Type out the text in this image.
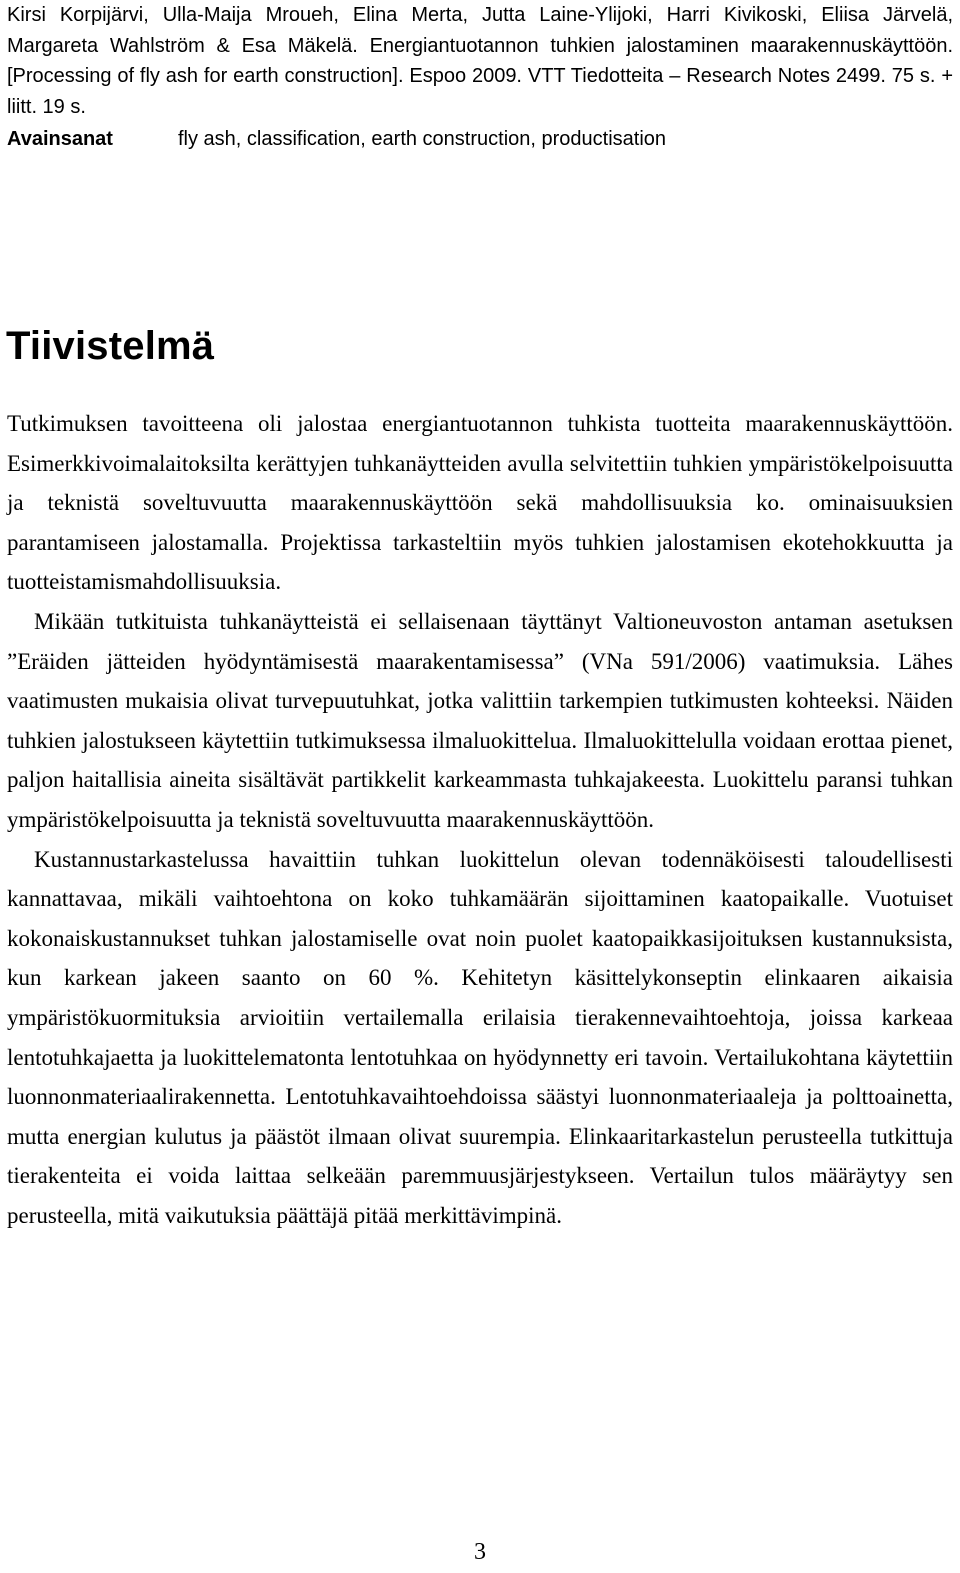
Kirsi Korpijärvi, Ulla-Maija Mroueh, Elina Merta, Jutta Laine-Ylijoki, Harri Kivikoski, Eliisa Järvelä, Margareta Wahlström & Esa Mäkelä. Energiantuotannon tuhkien jalostaminen maarakennuskäyttöön. [Processing of fly ash for earth construction]. Espoo 2009. VTT Tiedotteita – Research Notes 2499. 75 s. + liitt. 19 s.

Avainsanat	fly ash, classification, earth construction, productisation
Tiivistelmä

Tutkimuksen tavoitteena oli jalostaa energiantuotannon tuhkista tuotteita maarakennuskäyttöön. Esimerkkivoimalaitoksilta kerättyjen tuhkanäytteiden avulla selvitettiin tuhkien ympäristökelpoisuutta ja teknistä soveltuvuutta maarakennuskäyttöön sekä mahdollisuuksia ko. ominaisuuksien parantamiseen jalostamalla. Projektissa tarkasteltiin myös tuhkien jalostamisen ekotehokkuutta ja tuotteistamismahdollisuuksia.

Mikään tutkituista tuhkanäytteistä ei sellaisenaan täyttänyt Valtioneuvoston antaman asetuksen ”Eräiden jätteiden hyödyntämisestä maarakentamisessa” (VNa 591/2006) vaatimuksia. Lähes vaatimusten mukaisia olivat turvepuutuhkat, jotka valittiin tarkempien tutkimusten kohteeksi. Näiden tuhkien jalostukseen käytettiin tutkimuksessa ilmaluokittelua. Ilmaluokittelulla voidaan erottaa pienet, paljon haitallisia aineita sisältävät partikkelit karkeammasta tuhkajakeesta. Luokittelu paransi tuhkan ympäristökelpoisuutta ja teknistä soveltuvuutta maarakennuskäyttöön.

Kustannustarkastelussa havaittiin tuhkan luokittelun olevan todennäköisesti taloudellisesti kannattavaa, mikäli vaihtoehtona on koko tuhkamäärän sijoittaminen kaatopaikalle. Vuotuiset kokonaiskustannukset tuhkan jalostamiselle ovat noin puolet kaatopaikkasijoituksen kustannuksista, kun karkean jakeen saanto on 60 %. Kehitetyn käsittelykonseptin elinkaaren aikaisia ympäristökuormituksia arvioitiin vertailemalla erilaisia tierakennevaihtoehtoja, joissa karkeaa lentotuhkajaetta ja luokittelematonta lentotuhkaa on hyödynnetty eri tavoin. Vertailukohtana käytettiin luonnonmateriaalirakennetta. Lentotuhkavaihtoehdoissa säästyi luonnonmateriaaleja ja polttoainetta, mutta energian kulutus ja päästöt ilmaan olivat suurempia. Elinkaaritarkastelun perusteella tutkittuja tierakenteita ei voida laittaa selkeään paremmuusjärjestykseen. Vertailun tulos määräytyy sen perusteella, mitä vaikutuksia päättäjä pitää merkittävimpinä.

3
